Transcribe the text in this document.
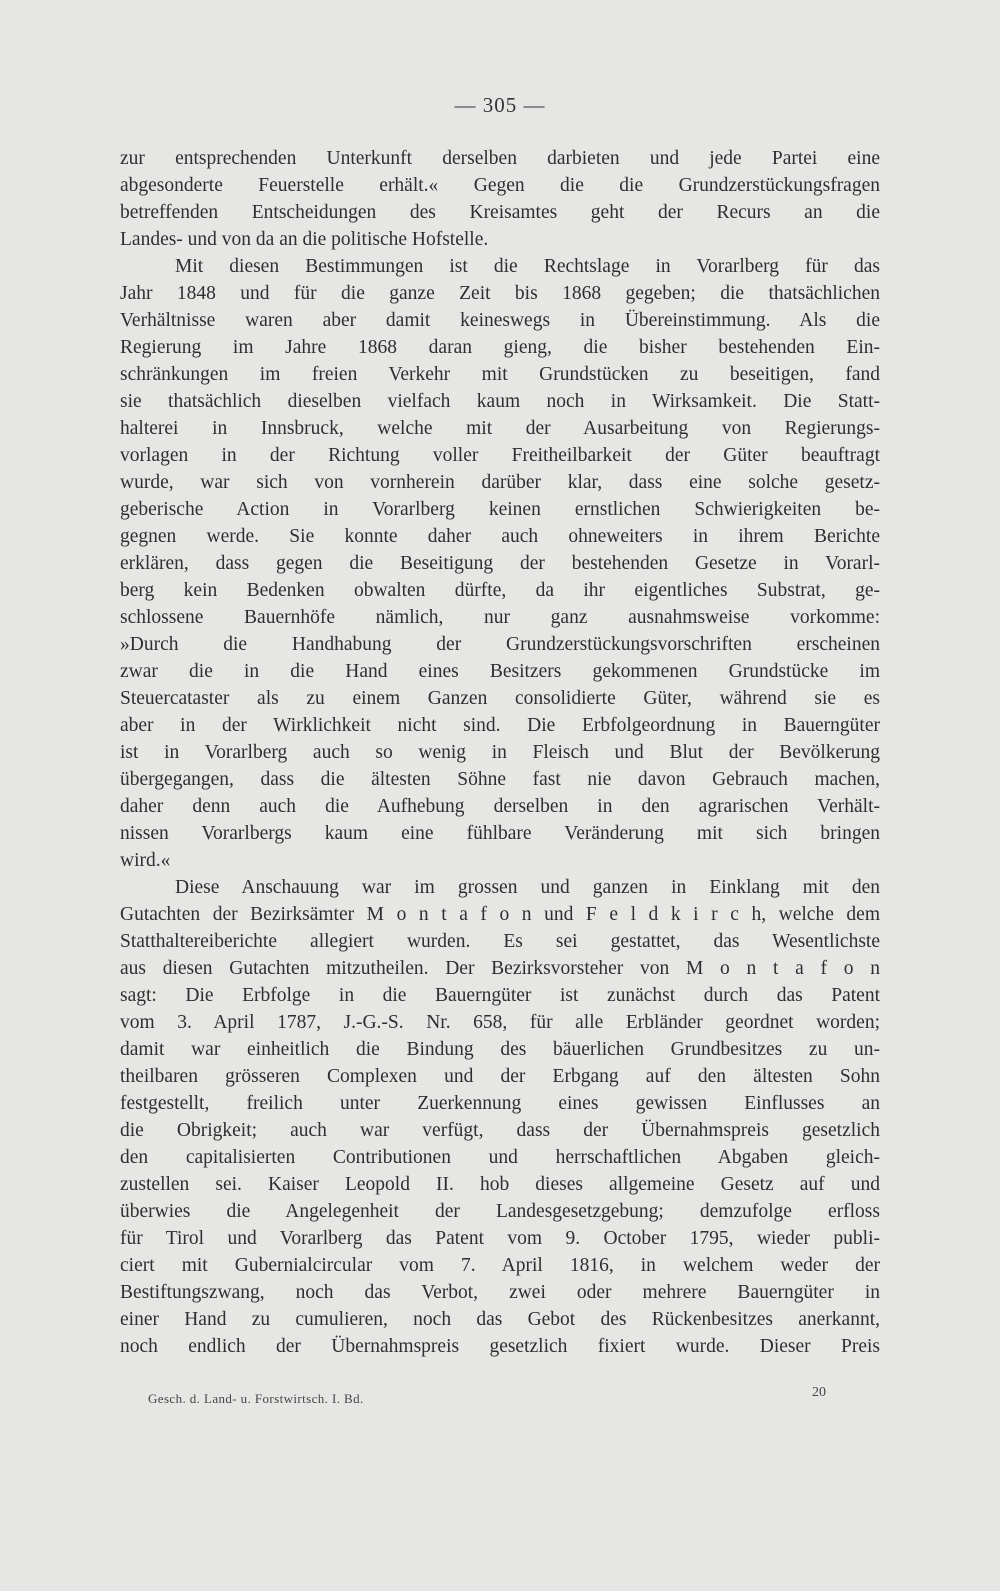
— 305 —
zur entsprechenden Unterkunft derselben darbieten und jede Partei eine
abgesonderte Feuerstelle erhält.« Gegen die die Grundzerstückungsfragen
betreffenden Entscheidungen des Kreisamtes geht der Recurs an die
Landes- und von da an die politische Hofstelle.
Mit diesen Bestimmungen ist die Rechtslage in Vorarlberg für das
Jahr 1848 und für die ganze Zeit bis 1868 gegeben; die thatsächlichen
Verhältnisse waren aber damit keineswegs in Übereinstimmung. Als die
Regierung im Jahre 1868 daran gieng, die bisher bestehenden Ein-
schränkungen im freien Verkehr mit Grundstücken zu beseitigen, fand
sie thatsächlich dieselben vielfach kaum noch in Wirksamkeit. Die Statt-
halterei in Innsbruck, welche mit der Ausarbeitung von Regierungs-
vorlagen in der Richtung voller Freitheilbarkeit der Güter beauftragt
wurde, war sich von vornherein darüber klar, dass eine solche gesetz-
geberische Action in Vorarlberg keinen ernstlichen Schwierigkeiten be-
gegnen werde. Sie konnte daher auch ohneweiters in ihrem Berichte
erklären, dass gegen die Beseitigung der bestehenden Gesetze in Vorarl-
berg kein Bedenken obwalten dürfte, da ihr eigentliches Substrat, ge-
schlossene Bauernhöfe nämlich, nur ganz ausnahmsweise vorkomme:
»Durch die Handhabung der Grundzerstückungsvorschriften erscheinen
zwar die in die Hand eines Besitzers gekommenen Grundstücke im
Steuercataster als zu einem Ganzen consolidierte Güter, während sie es
aber in der Wirklichkeit nicht sind. Die Erbfolgeordnung in Bauerngüter
ist in Vorarlberg auch so wenig in Fleisch und Blut der Bevölkerung
übergegangen, dass die ältesten Söhne fast nie davon Gebrauch machen,
daher denn auch die Aufhebung derselben in den agrarischen Verhält-
nissen Vorarlbergs kaum eine fühlbare Veränderung mit sich bringen
wird.«
Diese Anschauung war im grossen und ganzen in Einklang mit den
Gutachten der Bezirksämter M o n t a f o n und F e l d k i r c h, welche dem
Statthaltereiberichte allegiert wurden. Es sei gestattet, das Wesentlichste
aus diesen Gutachten mitzutheilen. Der Bezirksvorsteher von M o n t a f o n
sagt: Die Erbfolge in die Bauerngüter ist zunächst durch das Patent
vom 3. April 1787, J.-G.-S. Nr. 658, für alle Erbländer geordnet worden;
damit war einheitlich die Bindung des bäuerlichen Grundbesitzes zu un-
theilbaren grösseren Complexen und der Erbgang auf den ältesten Sohn
festgestellt, freilich unter Zuerkennung eines gewissen Einflusses an
die Obrigkeit; auch war verfügt, dass der Übernahmspreis gesetzlich
den capitalisierten Contributionen und herrschaftlichen Abgaben gleich-
zustellen sei. Kaiser Leopold II. hob dieses allgemeine Gesetz auf und
überwies die Angelegenheit der Landesgesetzgebung; demzufolge erfloss
für Tirol und Vorarlberg das Patent vom 9. October 1795, wieder publi-
ciert mit Gubernialcircular vom 7. April 1816, in welchem weder der
Bestiftungszwang, noch das Verbot, zwei oder mehrere Bauerngüter in
einer Hand zu cumulieren, noch das Gebot des Rückenbesitzes anerkannt,
noch endlich der Übernahmspreis gesetzlich fixiert wurde. Dieser Preis
Gesch. d. Land- u. Forstwirtsch. I. Bd.	20
